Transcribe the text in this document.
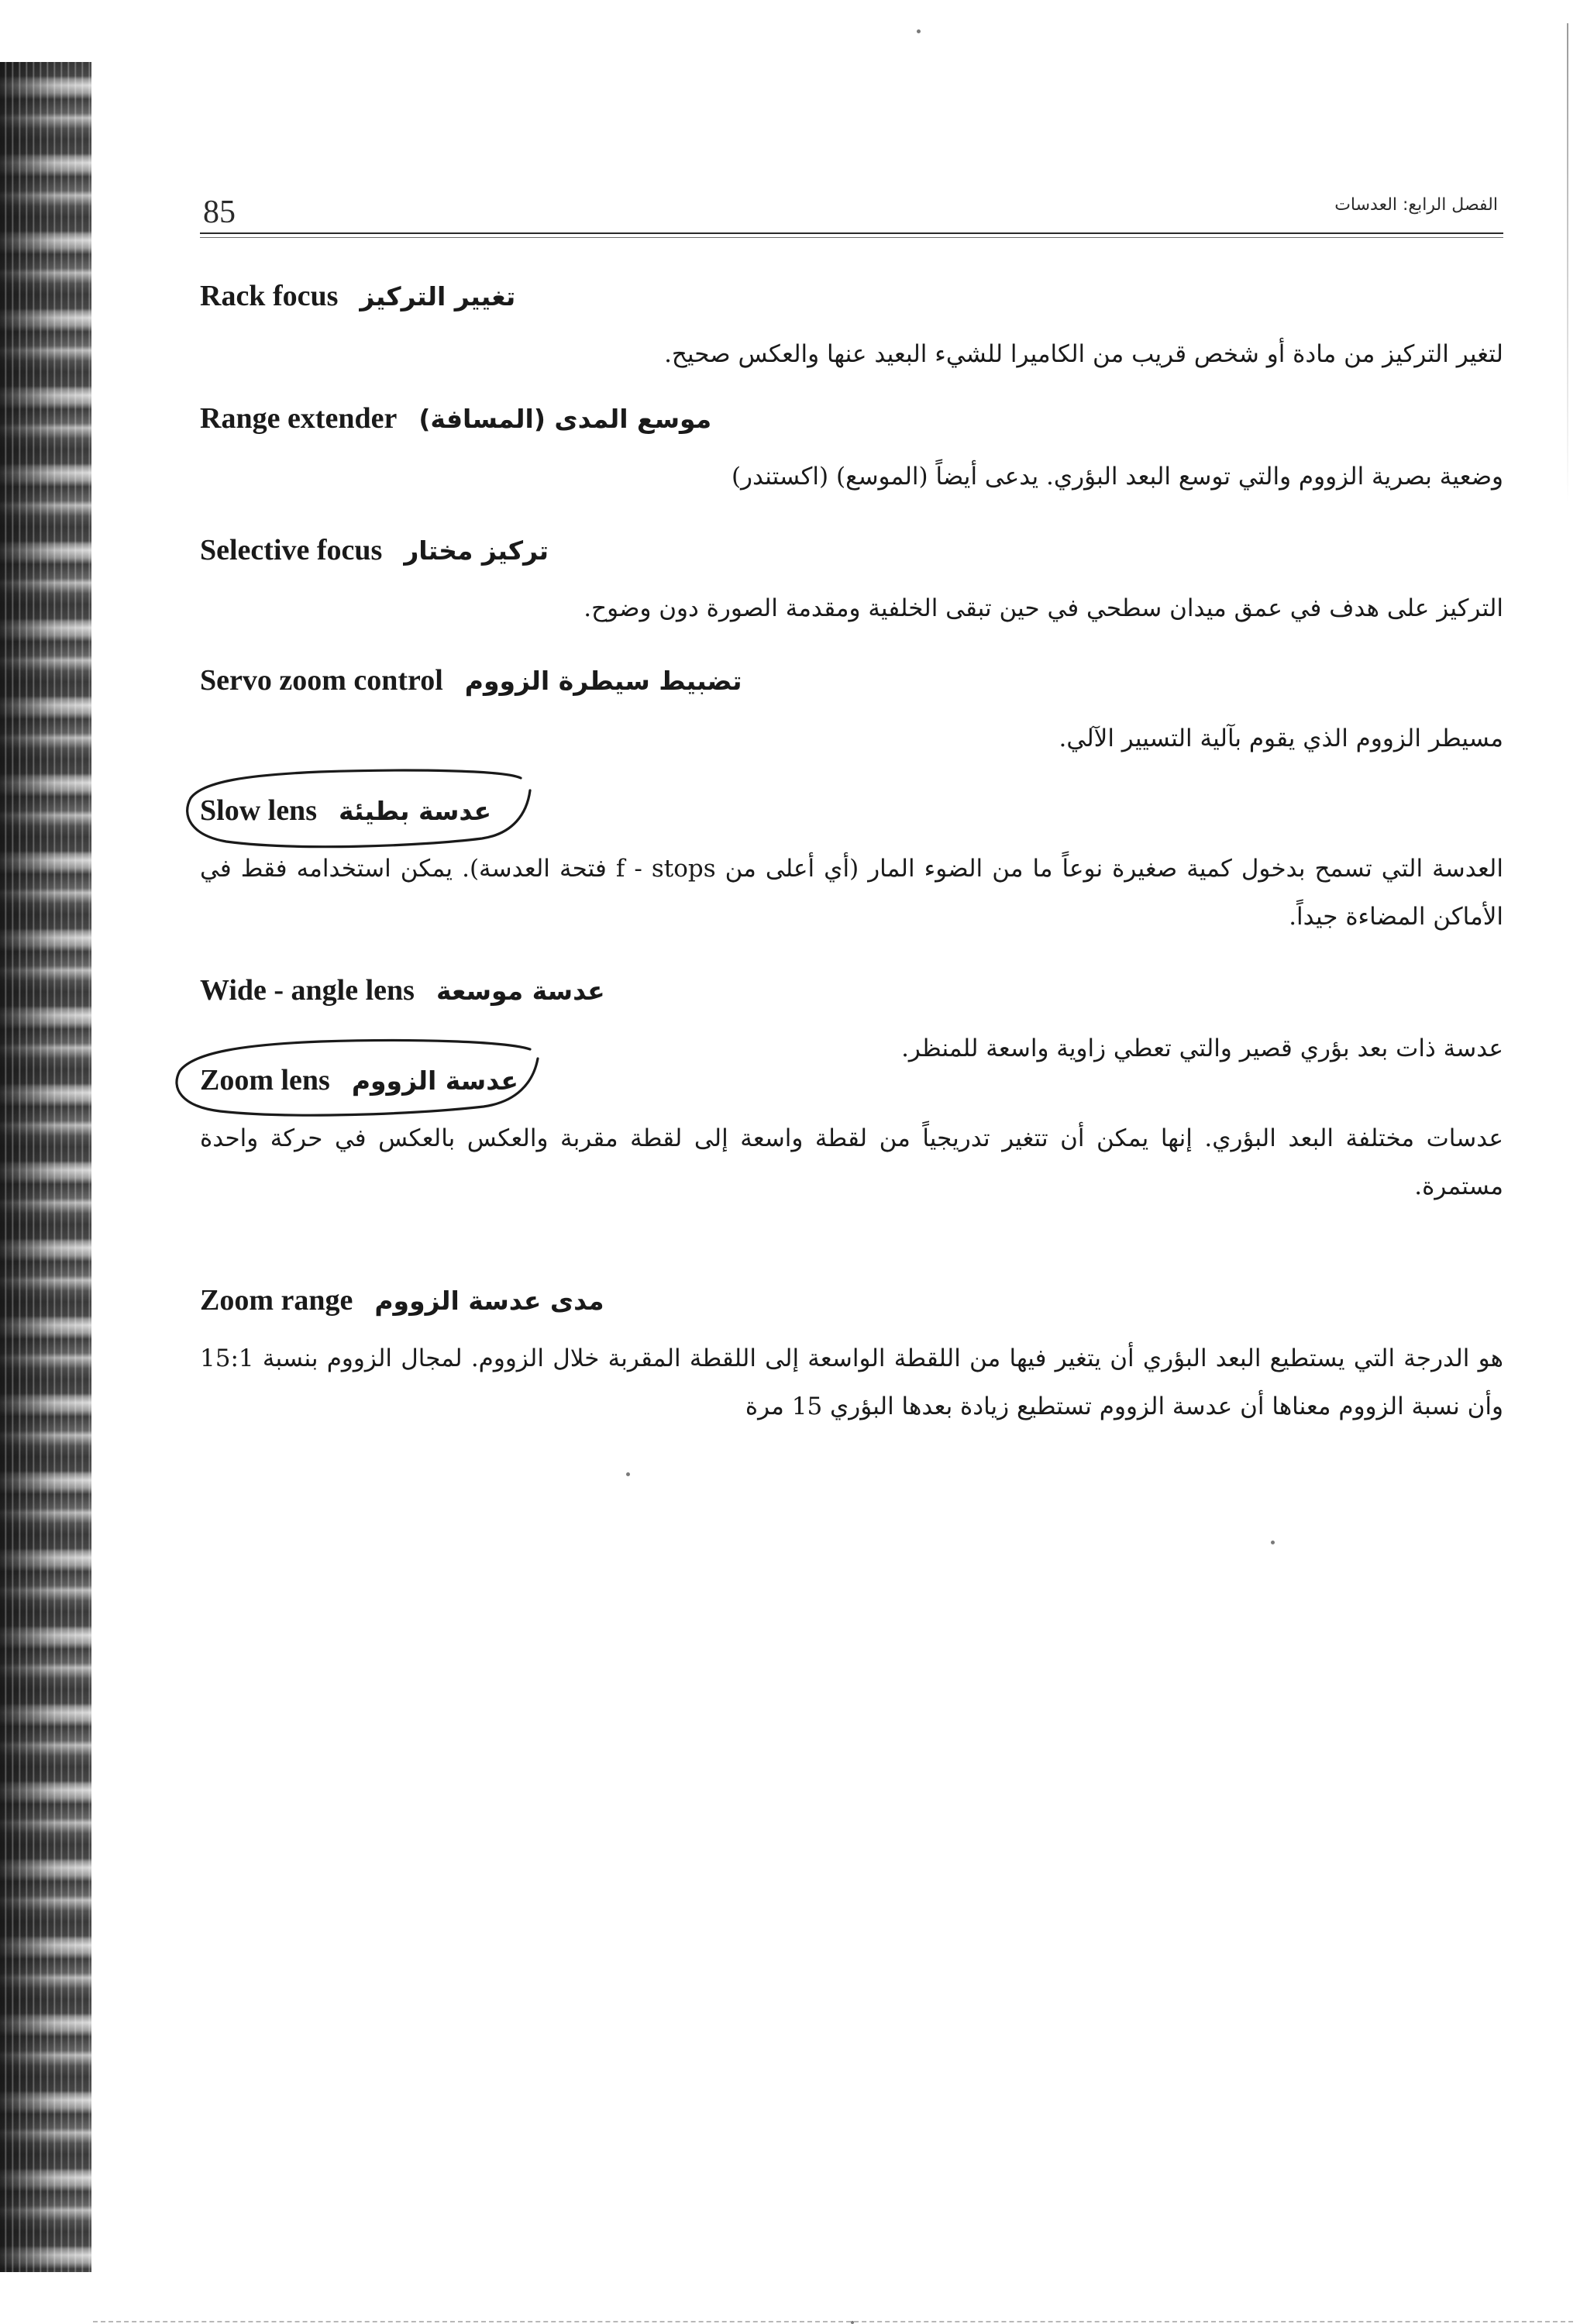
85	الفصل الرابع: العدسات
Rack focus تغيير التركيز
لتغير التركيز من مادة أو شخص قريب من الكاميرا للشيء البعيد عنها والعكس صحيح.
Range extender موسع المدى (المسافة)
وضعية بصرية الزووم والتي توسع البعد البؤري. يدعى أيضاً (الموسع) (اكستندر)
Selective focus تركيز مختار
التركيز على هدف في عمق ميدان سطحي في حين تبقى الخلفية ومقدمة الصورة دون وضوح.
Servo zoom control تضبيط سيطرة الزووم
مسيطر الزووم الذي يقوم بآلية التسيير الآلي.
Slow lens عدسة بطيئة
العدسة التي تسمح بدخول كمية صغيرة نوعاً ما من الضوء المار (أي أعلى من f - stops فتحة العدسة). يمكن استخدامه فقط في الأماكن المضاءة جيداً.
Wide - angle lens عدسة موسعة
عدسة ذات بعد بؤري قصير والتي تعطي زاوية واسعة للمنظر.
Zoom lens عدسة الزووم
عدسات مختلفة البعد البؤري. إنها يمكن أن تتغير تدريجياً من لقطة واسعة إلى لقطة مقربة والعكس بالعكس في حركة واحدة مستمرة.
Zoom range مدى عدسة الزووم
هو الدرجة التي يستطيع البعد البؤري أن يتغير فيها من اللقطة الواسعة إلى اللقطة المقربة خلال الزووم. لمجال الزووم بنسبة 15:1 وأن نسبة الزووم معناها أن عدسة الزووم تستطيع زيادة بعدها البؤري 15 مرة
